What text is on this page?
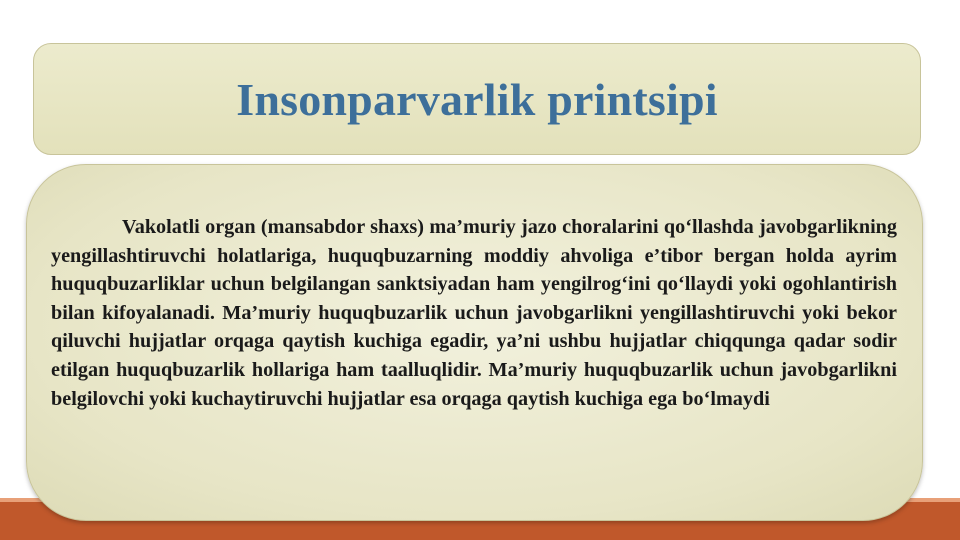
Insonparvarlik printsipi

Vakolatli organ (mansabdor shaxs) ma’muriy jazo choralarini qo‘llashda javobgarlikning yengillashtiruvchi holatlariga, huquqbuzarning moddiy ahvoliga e’tibor bergan holda ayrim huquqbuzarliklar uchun belgilangan sanktsiyadan ham yengilrog‘ini qo‘llaydi yoki ogohlantirish bilan kifoyalanadi. Ma’muriy huquqbuzarlik uchun javobgarlikni yengillashtiruvchi yoki bekor qiluvchi hujjatlar orqaga qaytish kuchiga egadir, ya’ni ushbu hujjatlar chiqqunga qadar sodir etilgan huquqbuzarlik hollariga ham taalluqlidir. Ma’muriy huquqbuzarlik uchun javobgarlikni belgilovchi yoki kuchaytiruvchi hujjatlar esa orqaga qaytish kuchiga ega bo‘lmaydi
